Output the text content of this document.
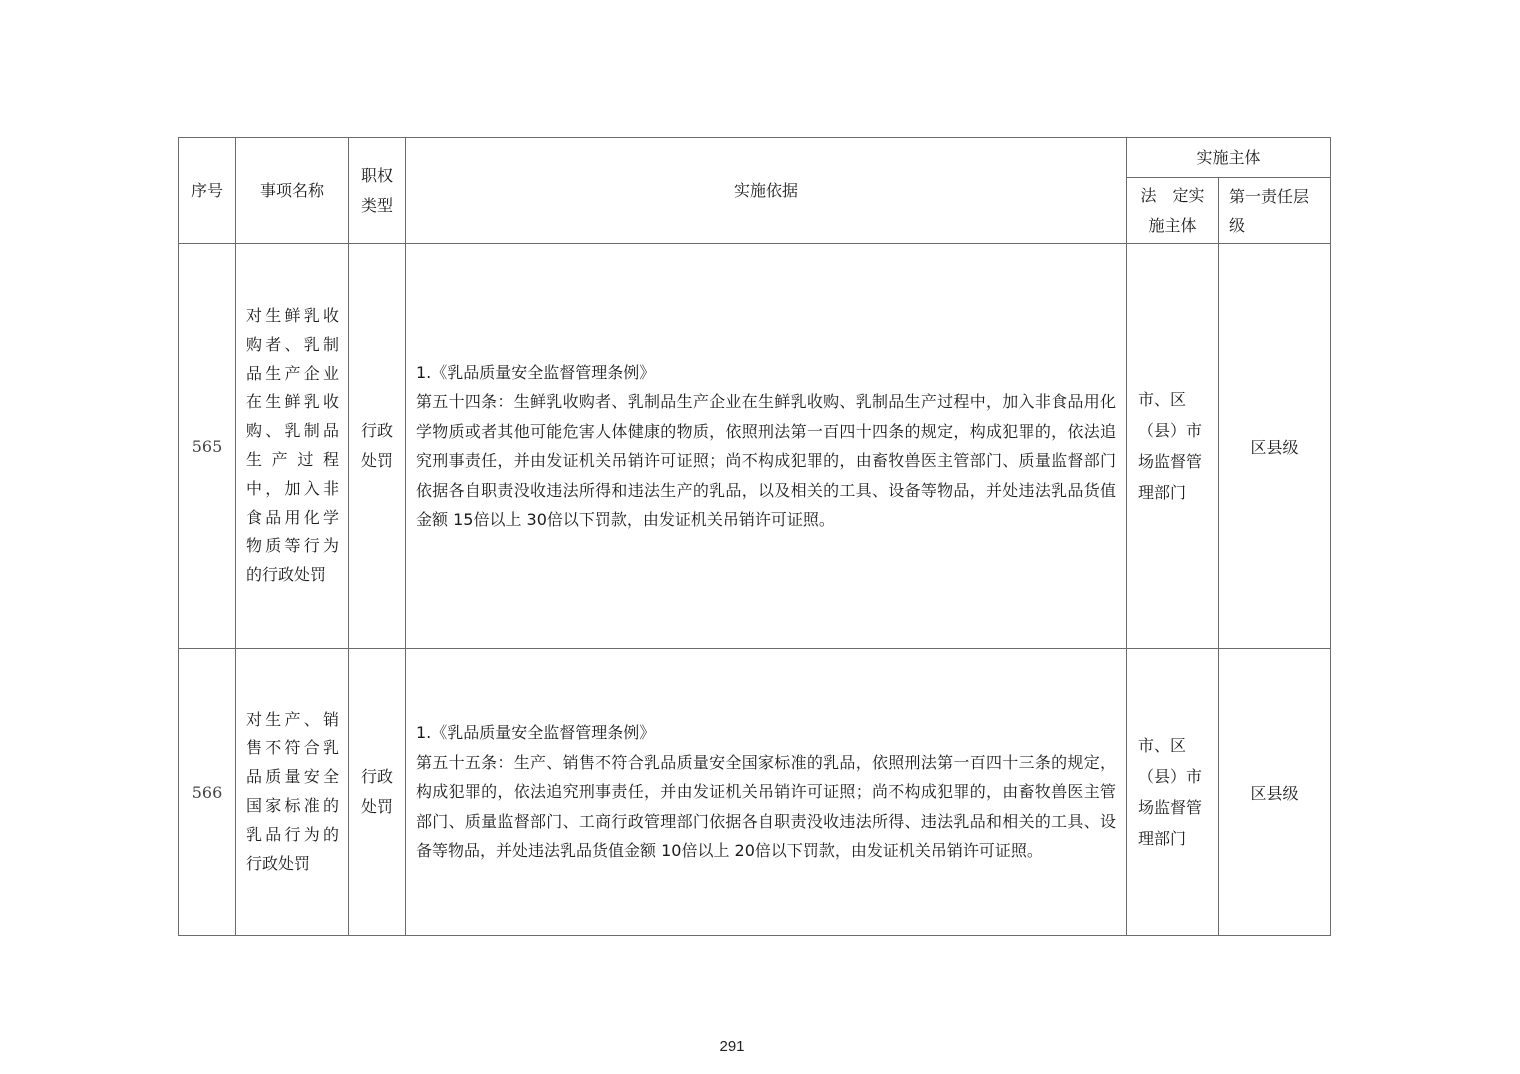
序号	事项名称	职权类型	实施依据	实施主体	
				法　定实施主体	第一责任层级
565	对生鲜乳收购者、乳制品生产企业在生鲜乳收购、乳制品生产过程中，加入非食品用化学物质等行为的行政处罚	行政处罚	1.《乳品质量安全监督管理条例》
第五十四条：生鲜乳收购者、乳制品生产企业在生鲜乳收购、乳制品生产过程中，加入非食品用化学物质或者其他可能危害人体健康的物质，依照刑法第一百四十四条的规定，构成犯罪的，依法追究刑事责任，并由发证机关吊销许可证照；尚不构成犯罪的，由畜牧兽医主管部门、质量监督部门依据各自职责没收违法所得和违法生产的乳品，以及相关的工具、设备等物品，并处违法乳品货值金额 15倍以上 30倍以下罚款，由发证机关吊销许可证照。	市、区（县）市场监督管理部门	区县级
566	对生产、销售不符合乳品质量安全国家标准的乳品行为的行政处罚	行政处罚	1.《乳品质量安全监督管理条例》
第五十五条：生产、销售不符合乳品质量安全国家标准的乳品，依照刑法第一百四十三条的规定，构成犯罪的，依法追究刑事责任，并由发证机关吊销许可证照；尚不构成犯罪的，由畜牧兽医主管部门、质量监督部门、工商行政管理部门依据各自职责没收违法所得、违法乳品和相关的工具、设备等物品，并处违法乳品货值金额 10倍以上 20倍以下罚款，由发证机关吊销许可证照。	市、区（县）市场监督管理部门	区县级
291
